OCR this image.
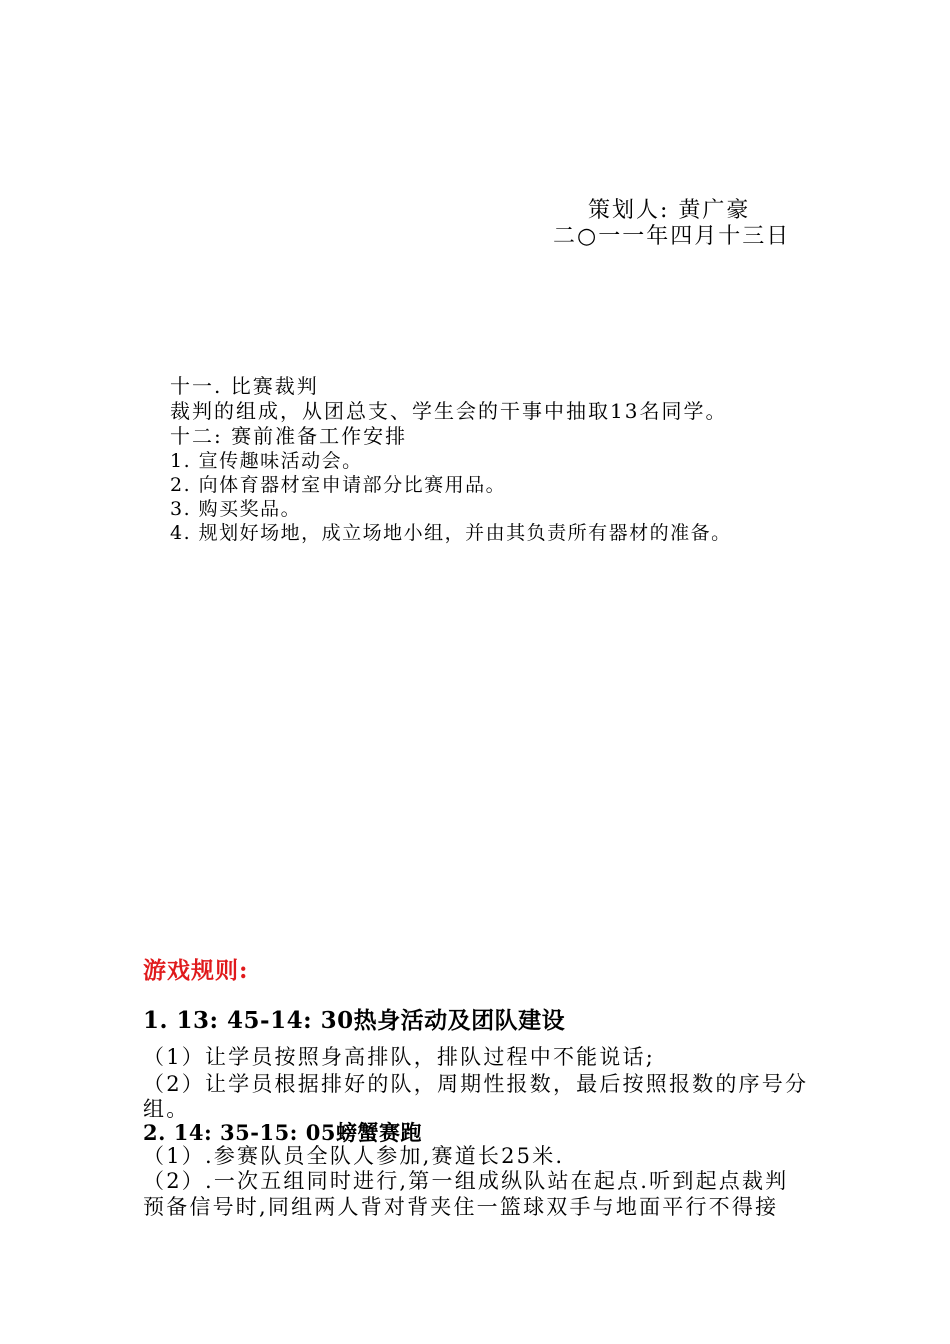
策划人: 黄广豪
二○一一年四月十三日
十一. 比赛裁判
裁判的组成，从团总支、学生会的干事中抽取13名同学。
十二: 赛前准备工作安排
1. 宣传趣味活动会。
2. 向体育器材室申请部分比赛用品。
3. 购买奖品。
4. 规划好场地，成立场地小组，并由其负责所有器材的准备。
游戏规则:
1. 13: 45-14: 30热身活动及团队建设
（1）让学员按照身高排队，排队过程中不能说话;
（2）让学员根据排好的队，周期性报数，最后按照报数的序号分
组。
2. 14: 35-15: 05螃蟹赛跑
（1）.参赛队员全队人参加,赛道长25米.
（2）.一次五组同时进行,第一组成纵队站在起点.听到起点裁判
预备信号时,同组两人背对背夹住一篮球双手与地面平行不得接
